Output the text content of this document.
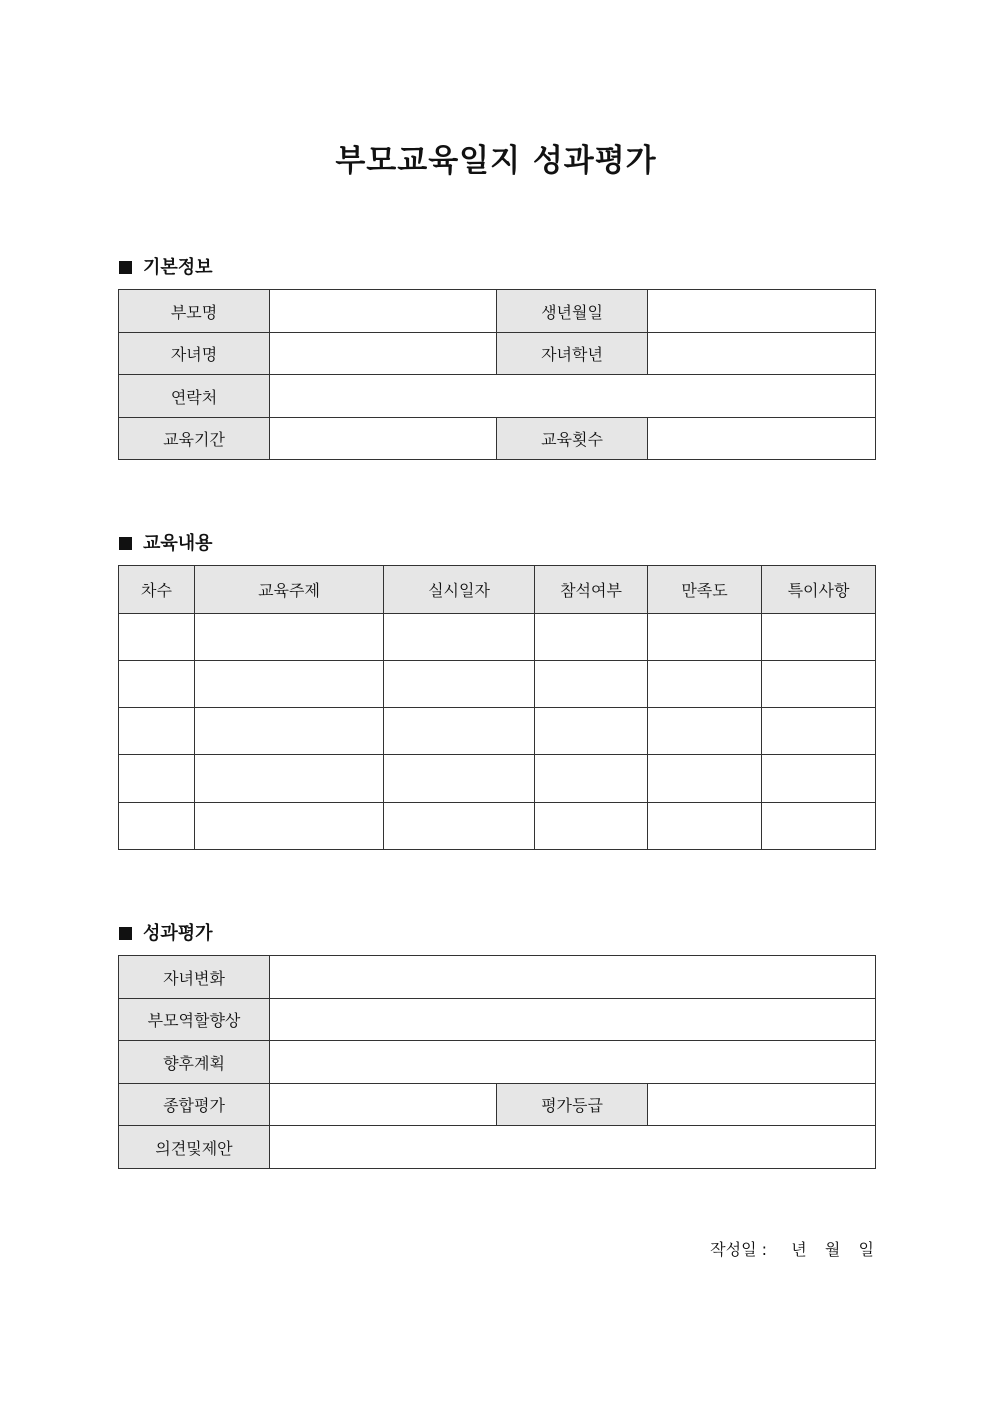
부모교육일지 성과평가
기본정보
부모명		생년월일	
자녀명		자녀학년	
연락처			
교육기간		교육횟수	
교육내용
차수	교육주제	실시일자	참석여부	만족도	특이사항

성과평가
자녀변화			
부모역할향상			
향후계획			
종합평가		평가등급	
의견및제안			
작성일 : 년 월 일
